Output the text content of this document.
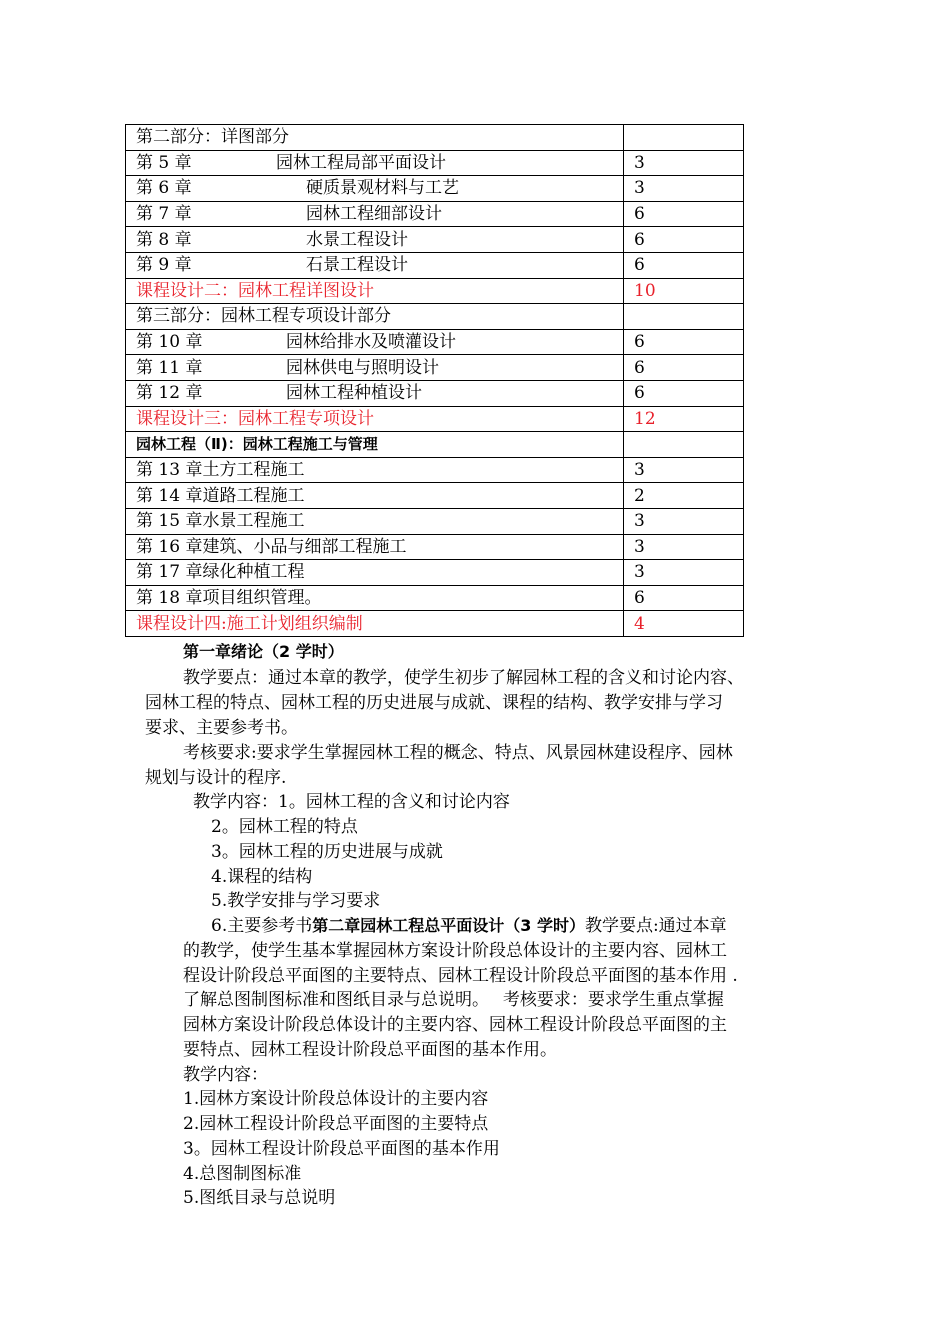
第二部分：详图部分	
第 5 章 园林工程局部平面设计	3
第 6 章 硬质景观材料与工艺	3
第 7 章 园林工程细部设计	6
第 8 章 水景工程设计	6
第 9 章 石景工程设计	6
课程设计二：园林工程详图设计	10
第三部分：园林工程专项设计部分	
第 10 章 园林给排水及喷灌设计	6
第 11 章 园林供电与照明设计	6
第 12 章 园林工程种植设计	6
课程设计三：园林工程专项设计	12
园林工程（Ⅱ)：园林工程施工与管理	
第 13 章土方工程施工	3
第 14 章道路工程施工	2
第 15 章水景工程施工	3
第 16 章建筑、小品与细部工程施工	3
第 17 章绿化种植工程	3
第 18 章项目组织管理。	6
课程设计四:施工计划组织编制	4
第一章绪论（2 学时）
教学要点：通过本章的教学，使学生初步了解园林工程的含义和讨论内容、
园林工程的特点、园林工程的历史进展与成就、课程的结构、教学安排与学习
要求、主要参考书。
考核要求:要求学生掌握园林工程的概念、特点、风景园林建设程序、园林
规划与设计的程序.
教学内容：1。园林工程的含义和讨论内容
2。园林工程的特点
3。园林工程的历史进展与成就
4.课程的结构
5.教学安排与学习要求
6.主要参考书第二章园林工程总平面设计（3 学时）教学要点:通过本章
的教学，使学生基本掌握园林方案设计阶段总体设计的主要内容、园林工
程设计阶段总平面图的主要特点、园林工程设计阶段总平面图的基本作用 .
了解总图制图标准和图纸目录与总说明。　 考核要求：要求学生重点掌握
园林方案设计阶段总体设计的主要内容、园林工程设计阶段总平面图的主
要特点、园林工程设计阶段总平面图的基本作用。
教学内容：
1.园林方案设计阶段总体设计的主要内容
2.园林工程设计阶段总平面图的主要特点
3。园林工程设计阶段总平面图的基本作用
4.总图制图标准
5.图纸目录与总说明
